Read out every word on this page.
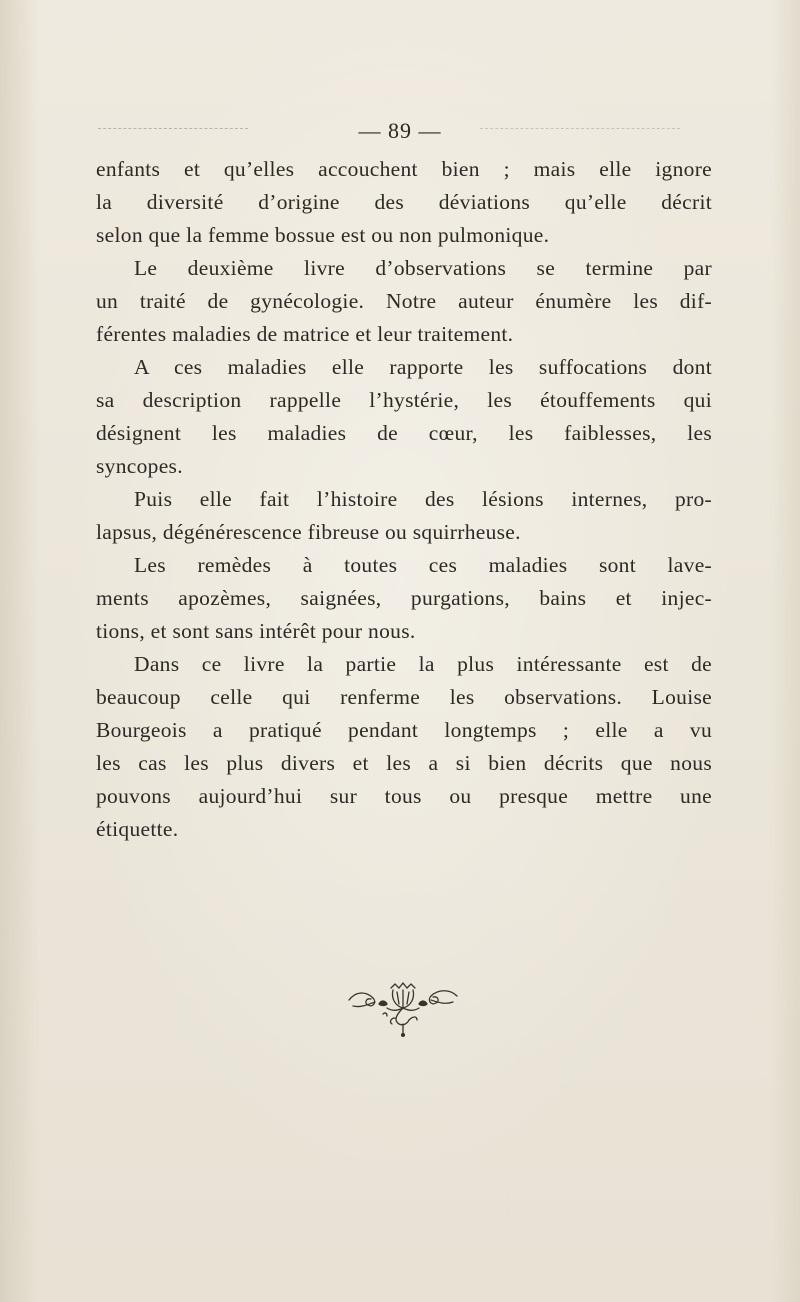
— 89 —

enfants et qu’elles accouchent bien ; mais elle ignore
la diversité d’origine des déviations qu’elle décrit
selon que la femme bossue est ou non pulmonique.

Le deuxième livre d’observations se termine par
un traité de gynécologie. Notre auteur énumère les dif-
férentes maladies de matrice et leur traitement.

A ces maladies elle rapporte les suffocations dont
sa description rappelle l’hystérie, les étouffements qui
désignent les maladies de cœur, les faiblesses, les
syncopes.

Puis elle fait l’histoire des lésions internes, pro-
lapsus, dégénérescence fibreuse ou squirrheuse.

Les remèdes à toutes ces maladies sont lave-
ments apozèmes, saignées, purgations, bains et injec-
tions, et sont sans intérêt pour nous.

Dans ce livre la partie la plus intéressante est de
beaucoup celle qui renferme les observations. Louise
Bourgeois a pratiqué pendant longtemps ; elle a vu
les cas les plus divers et les a si bien décrits que nous
pouvons aujourd’hui sur tous ou presque mettre une
étiquette.
